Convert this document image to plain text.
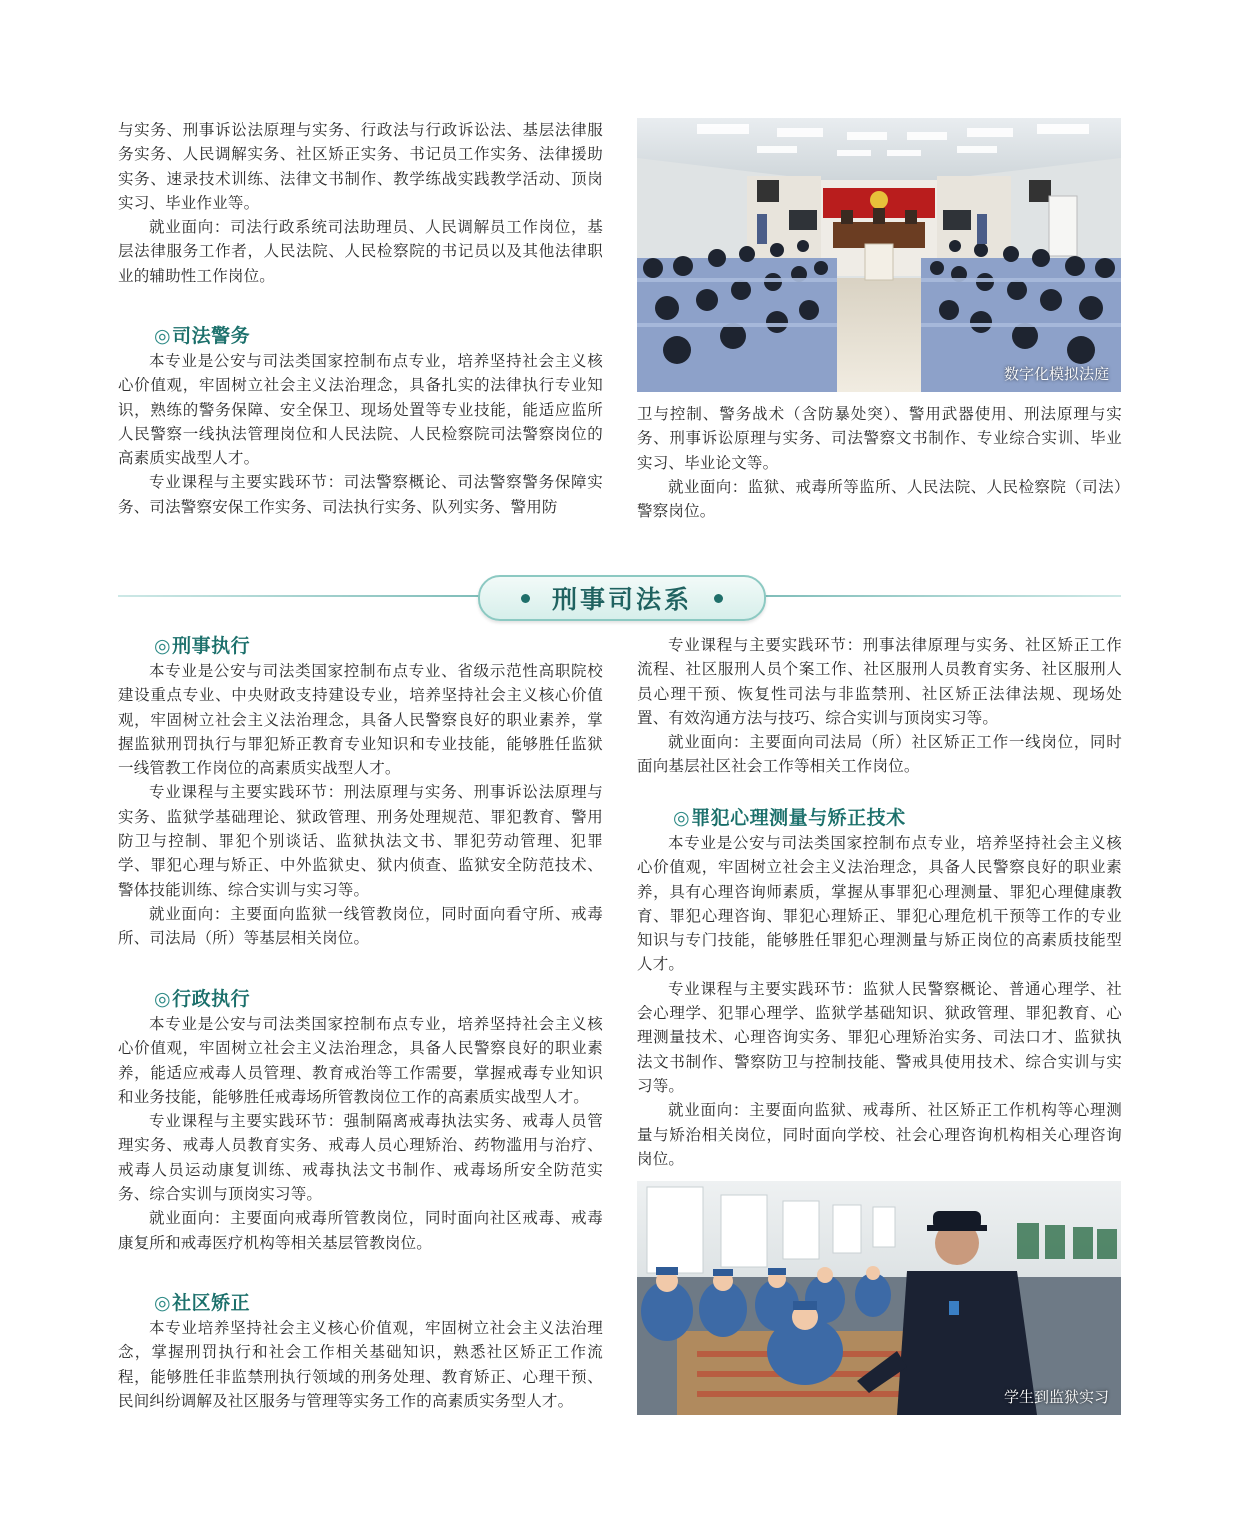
与实务、刑事诉讼法原理与实务、行政法与行政诉讼法、基层法律服务实务、人民调解实务、社区矫正实务、书记员工作实务、法律援助实务、速录技术训练、法律文书制作、教学练战实践教学活动、顶岗实习、毕业作业等。

就业面向：司法行政系统司法助理员、人民调解员工作岗位，基层法律服务工作者，人民法院、人民检察院的书记员以及其他法律职业的辅助性工作岗位。

◎司法警务

本专业是公安与司法类国家控制布点专业，培养坚持社会主义核心价值观，牢固树立社会主义法治理念，具备扎实的法律执行专业知识，熟练的警务保障、安全保卫、现场处置等专业技能，能适应监所人民警察一线执法管理岗位和人民法院、人民检察院司法警察岗位的高素质实战型人才。

专业课程与主要实践环节：司法警察概论、司法警察警务保障实务、司法警察安保工作实务、司法执行实务、队列实务、警用防

数字化模拟法庭

卫与控制、警务战术（含防暴处突）、警用武器使用、刑法原理与实务、刑事诉讼原理与实务、司法警察文书制作、专业综合实训、毕业实习、毕业论文等。

就业面向：监狱、戒毒所等监所、人民法院、人民检察院（司法）警察岗位。

刑事司法系
◎刑事执行

本专业是公安与司法类国家控制布点专业、省级示范性高职院校建设重点专业、中央财政支持建设专业，培养坚持社会主义核心价值观，牢固树立社会主义法治理念，具备人民警察良好的职业素养，掌握监狱刑罚执行与罪犯矫正教育专业知识和专业技能，能够胜任监狱一线管教工作岗位的高素质实战型人才。

专业课程与主要实践环节：刑法原理与实务、刑事诉讼法原理与实务、监狱学基础理论、狱政管理、刑务处理规范、罪犯教育、警用防卫与控制、罪犯个别谈话、监狱执法文书、罪犯劳动管理、犯罪学、罪犯心理与矫正、中外监狱史、狱内侦查、监狱安全防范技术、警体技能训练、综合实训与实习等。

就业面向：主要面向监狱一线管教岗位，同时面向看守所、戒毒所、司法局（所）等基层相关岗位。

◎行政执行

本专业是公安与司法类国家控制布点专业，培养坚持社会主义核心价值观，牢固树立社会主义法治理念，具备人民警察良好的职业素养，能适应戒毒人员管理、教育戒治等工作需要，掌握戒毒专业知识和业务技能，能够胜任戒毒场所管教岗位工作的高素质实战型人才。

专业课程与主要实践环节：强制隔离戒毒执法实务、戒毒人员管理实务、戒毒人员教育实务、戒毒人员心理矫治、药物滥用与治疗、戒毒人员运动康复训练、戒毒执法文书制作、戒毒场所安全防范实务、综合实训与顶岗实习等。

就业面向：主要面向戒毒所管教岗位，同时面向社区戒毒、戒毒康复所和戒毒医疗机构等相关基层管教岗位。

◎社区矫正

本专业培养坚持社会主义核心价值观，牢固树立社会主义法治理念，掌握刑罚执行和社会工作相关基础知识，熟悉社区矫正工作流程，能够胜任非监禁刑执行领域的刑务处理、教育矫正、心理干预、民间纠纷调解及社区服务与管理等实务工作的高素质实务型人才。

专业课程与主要实践环节：刑事法律原理与实务、社区矫正工作流程、社区服刑人员个案工作、社区服刑人员教育实务、社区服刑人员心理干预、恢复性司法与非监禁刑、社区矫正法律法规、现场处置、有效沟通方法与技巧、综合实训与顶岗实习等。

就业面向：主要面向司法局（所）社区矫正工作一线岗位，同时面向基层社区社会工作等相关工作岗位。

◎罪犯心理测量与矫正技术

本专业是公安与司法类国家控制布点专业，培养坚持社会主义核心价值观，牢固树立社会主义法治理念，具备人民警察良好的职业素养，具有心理咨询师素质，掌握从事罪犯心理测量、罪犯心理健康教育、罪犯心理咨询、罪犯心理矫正、罪犯心理危机干预等工作的专业知识与专门技能，能够胜任罪犯心理测量与矫正岗位的高素质技能型人才。

专业课程与主要实践环节：监狱人民警察概论、普通心理学、社会心理学、犯罪心理学、监狱学基础知识、狱政管理、罪犯教育、心理测量技术、心理咨询实务、罪犯心理矫治实务、司法口才、监狱执法文书制作、警察防卫与控制技能、警戒具使用技术、综合实训与实习等。

就业面向：主要面向监狱、戒毒所、社区矫正工作机构等心理测量与矫治相关岗位，同时面向学校、社会心理咨询机构相关心理咨询岗位。

学生到监狱实习
